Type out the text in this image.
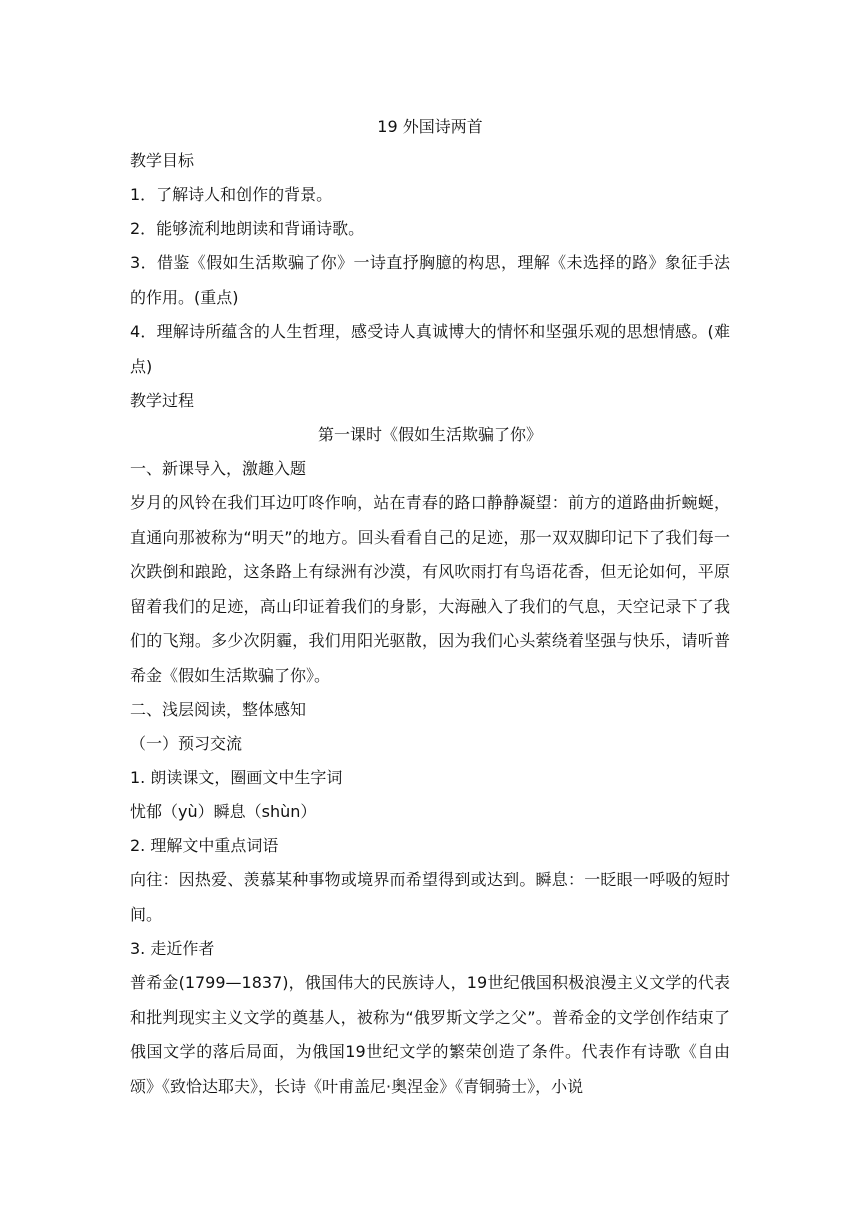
19 外国诗两首
教学目标
1．了解诗人和创作的背景。
2．能够流利地朗读和背诵诗歌。
3．借鉴《假如生活欺骗了你》一诗直抒胸臆的构思，理解《未选择的路》象征手法的作用。(重点)
4．理解诗所蕴含的人生哲理，感受诗人真诚博大的情怀和坚强乐观的思想情感。(难点)
教学过程
第一课时《假如生活欺骗了你》
一、新课导入，激趣入题
岁月的风铃在我们耳边叮咚作响，站在青春的路口静静凝望：前方的道路曲折蜿蜒，直通向那被称为“明天”的地方。回头看看自己的足迹，那一双双脚印记下了我们每一次跌倒和踉跄，这条路上有绿洲有沙漠，有风吹雨打有鸟语花香，但无论如何，平原留着我们的足迹，高山印证着我们的身影，大海融入了我们的气息，天空记录下了我们的飞翔。多少次阴霾，我们用阳光驱散，因为我们心头萦绕着坚强与快乐，请听普希金《假如生活欺骗了你》。
二、浅层阅读，整体感知
（一）预习交流
1. 朗读课文，圈画文中生字词
忧郁（yù）瞬息（shùn）
2. 理解文中重点词语
向往：因热爱、羡慕某种事物或境界而希望得到或达到。瞬息：一眨眼一呼吸的短时间。
3. 走近作者
普希金(1799—1837)，俄国伟大的民族诗人，19世纪俄国积极浪漫主义文学的代表和批判现实主义文学的奠基人，被称为“俄罗斯文学之父”。普希金的文学创作结束了俄国文学的落后局面，为俄国19世纪文学的繁荣创造了条件。代表作有诗歌《自由颂》《致恰达耶夫》，长诗《叶甫盖尼·奥涅金》《青铜骑士》，小说
